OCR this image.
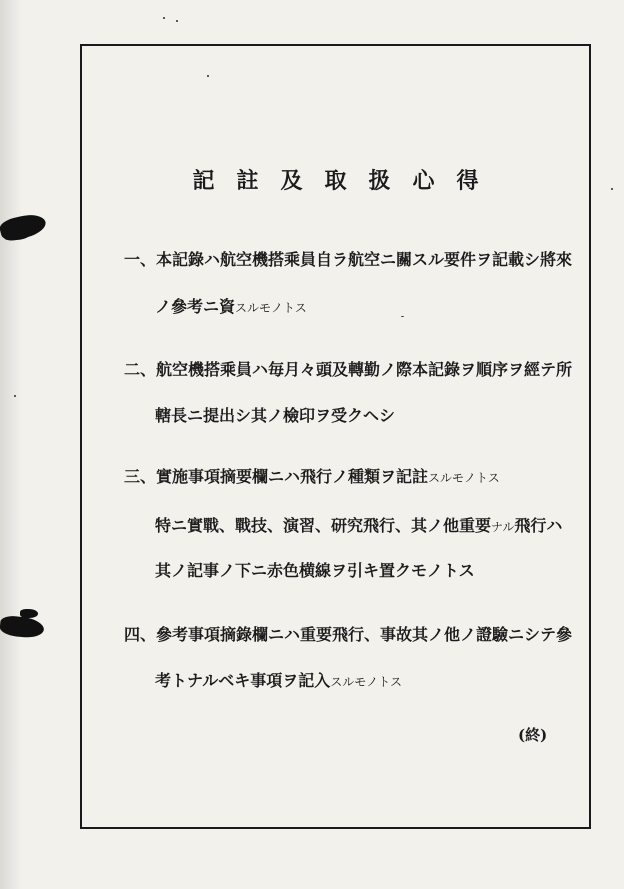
記註及取扱心得
一、本記錄ハ航空機搭乘員自ラ航空ニ關スル要件ヲ記載シ將來
ノ參考ニ資スルモノトス
二、航空機搭乘員ハ毎月々頭及轉勤ノ際本記錄ヲ順序ヲ經テ所
轄長ニ提出シ其ノ檢印ヲ受クヘシ
三、實施事項摘要欄ニハ飛行ノ種類ヲ記註スルモノトス
特ニ實戰、戰技、演習、研究飛行、其ノ他重要ナル飛行ハ
其ノ記事ノ下ニ赤色横線ヲ引キ置クモノトス
四、參考事項摘錄欄ニハ重要飛行、事故其ノ他ノ證驗ニシテ參
考トナルベキ事項ヲ記入スルモノトス
(終)
